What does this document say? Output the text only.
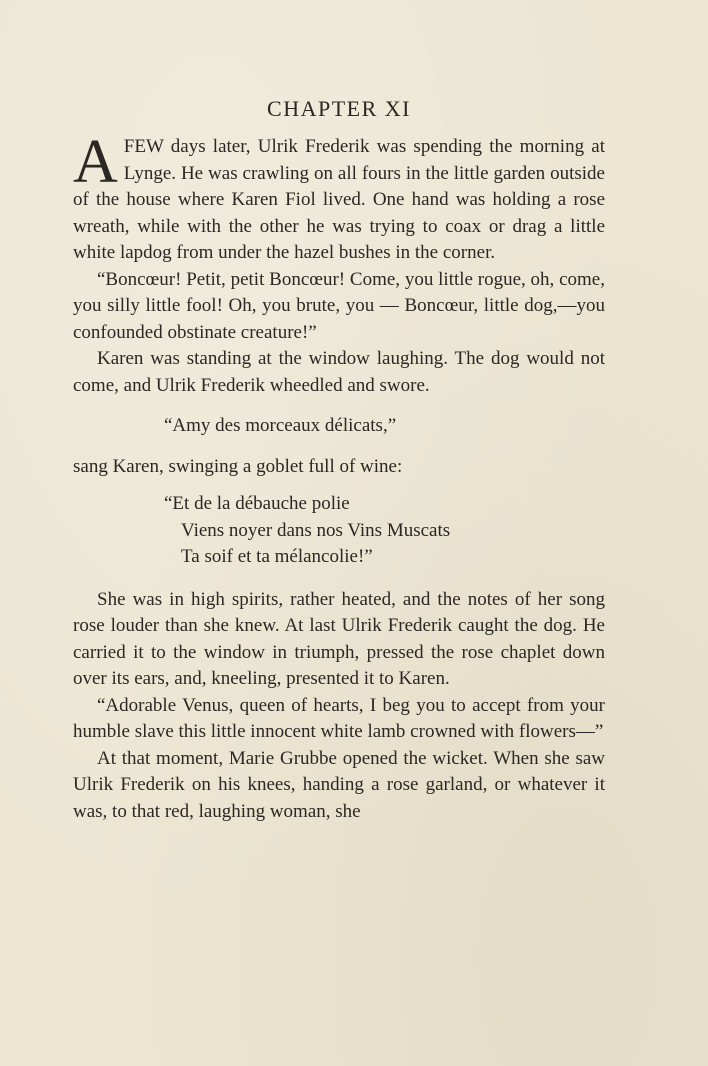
CHAPTER XI

A FEW days later, Ulrik Frederik was spending the morning at Lynge. He was crawling on all fours in the little garden outside of the house where Karen Fiol lived. One hand was holding a rose wreath, while with the other he was trying to coax or drag a little white lapdog from under the hazel bushes in the corner.

“Boncœur! Petit, petit Boncœur! Come, you little rogue, oh, come, you silly little fool! Oh, you brute, you — Boncœur, little dog,—you confounded obstinate creature!”

Karen was standing at the window laughing. The dog would not come, and Ulrik Frederik wheedled and swore.

“Amy des morceaux délicats,”

sang Karen, swinging a goblet full of wine:

“Et de la débauche polie
Viens noyer dans nos Vins Muscats
Ta soif et ta mélancolie!”

She was in high spirits, rather heated, and the notes of her song rose louder than she knew. At last Ulrik Frederik caught the dog. He carried it to the window in triumph, pressed the rose chaplet down over its ears, and, kneeling, presented it to Karen.

“Adorable Venus, queen of hearts, I beg you to accept from your humble slave this little innocent white lamb crowned with flowers—”

At that moment, Marie Grubbe opened the wicket. When she saw Ulrik Frederik on his knees, handing a rose garland, or whatever it was, to that red, laughing woman, she
